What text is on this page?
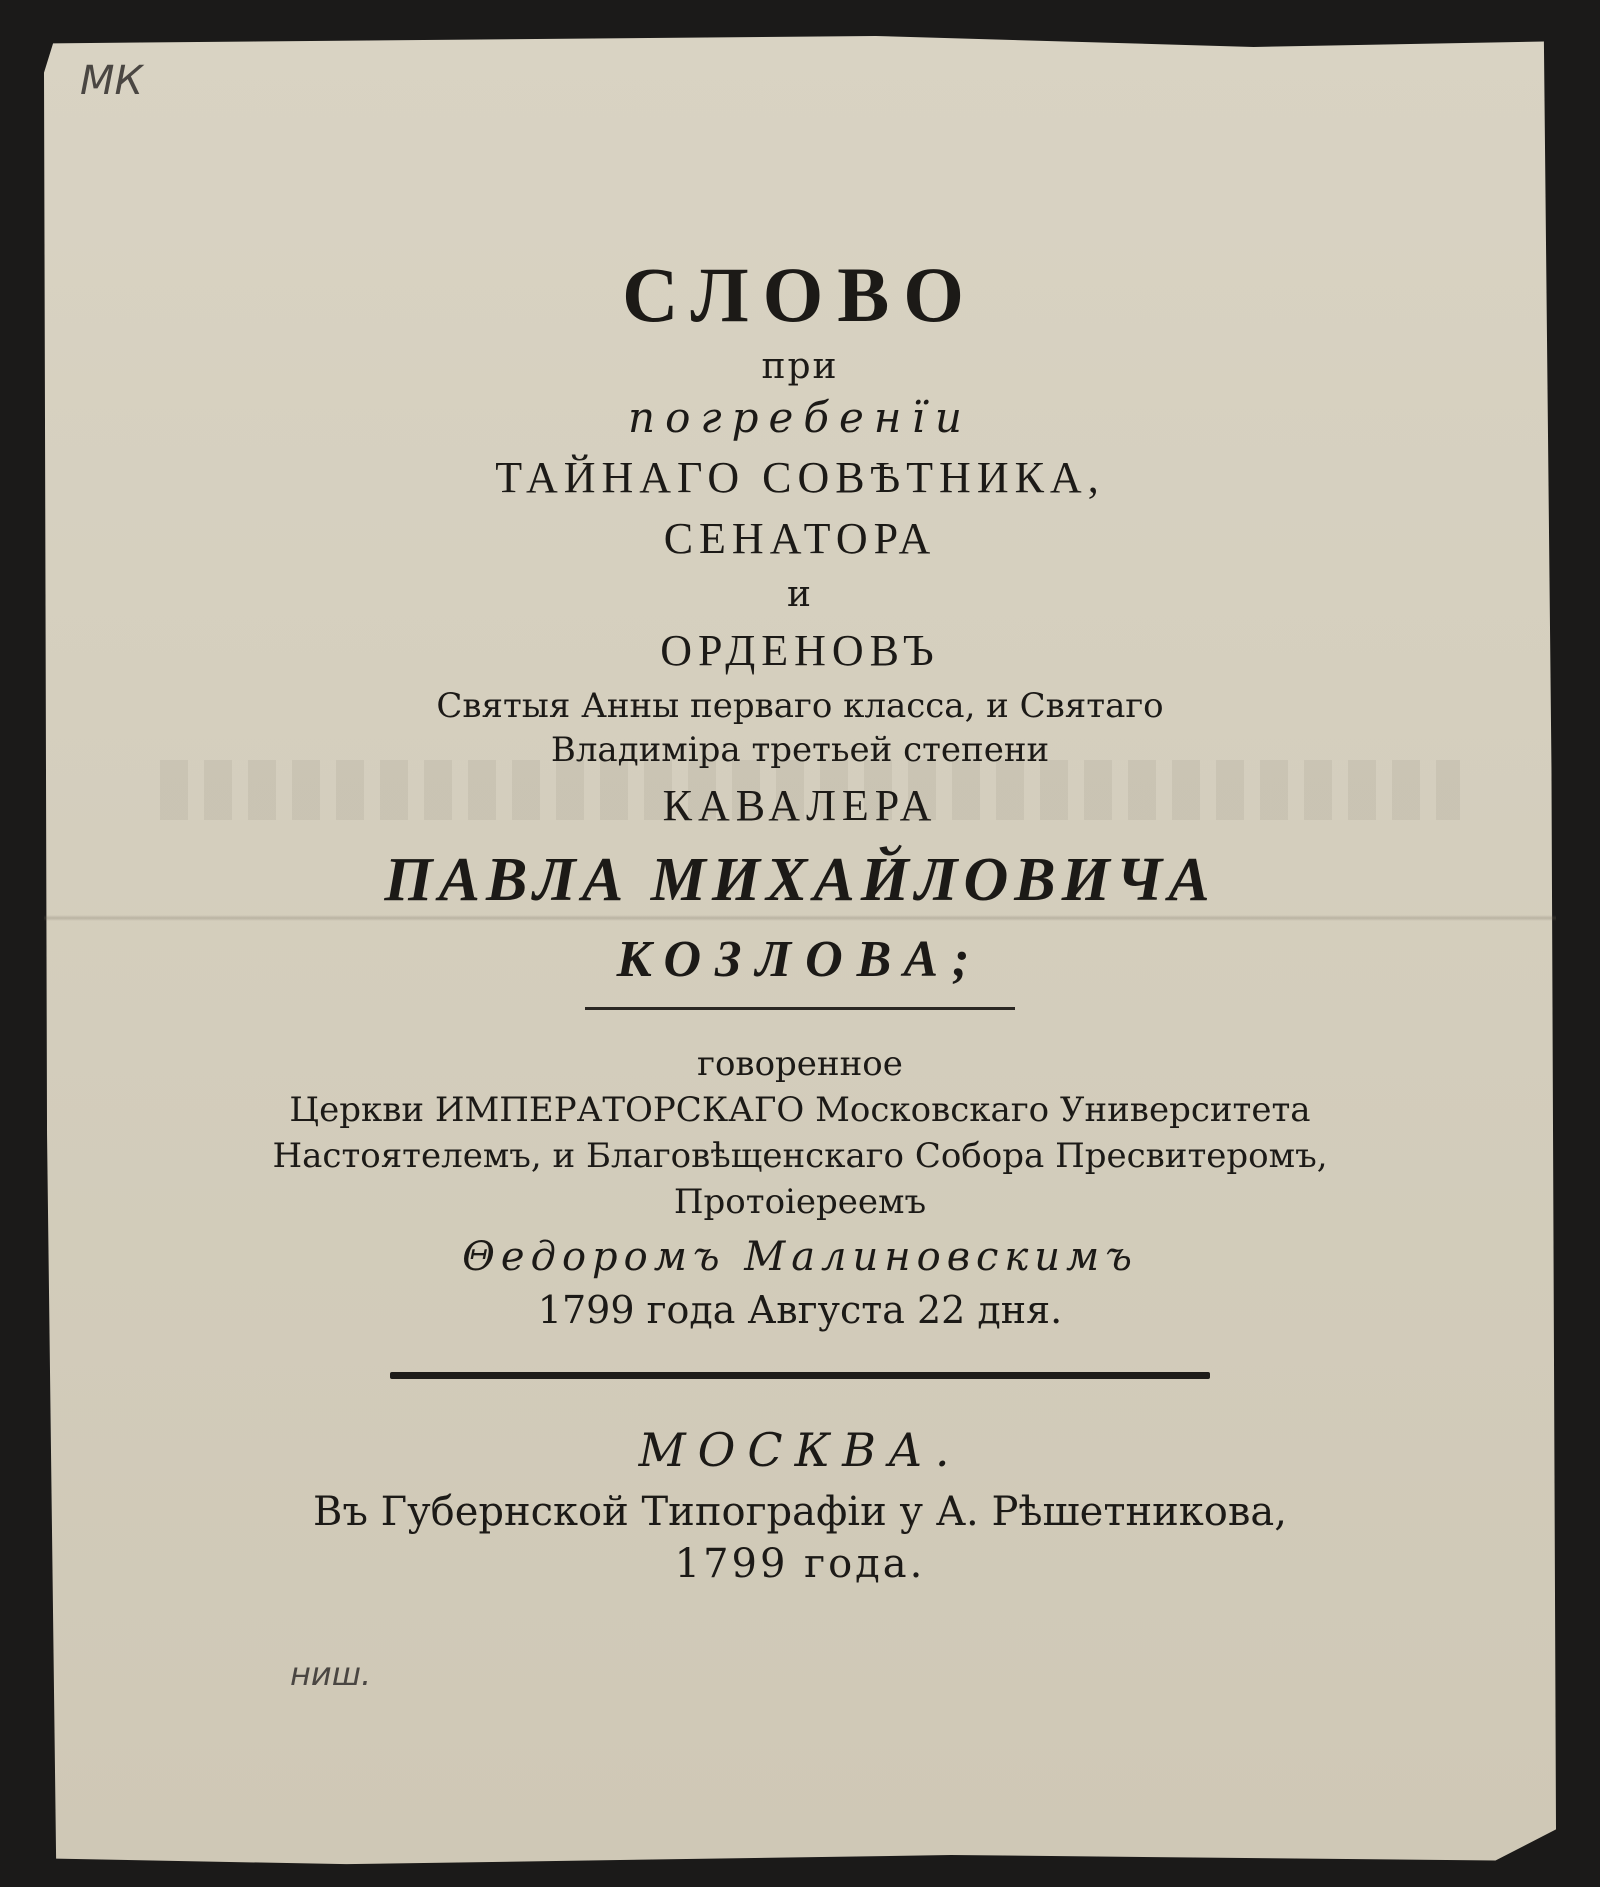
МК
ниш.
СЛОВО
при
погребенїи
ТАЙНАГО СОВѢТНИКА,
СЕНАТОРА
и
ОРДЕНОВЪ
Святыя Анны перваго класса, и Святаго
Владимiра третьей степени
КАВАЛЕРА
ПАВЛА МИХАЙЛОВИЧА
КОЗЛОВА;
говоренное
Церкви ИМПЕРАТОРСКАГО Московскаго Университета
Настоятелемъ, и Благовѣщенскаго Собора Пресвитеромъ,
Протоіереемъ
Θедоромъ Малиновскимъ
1799 года Августа 22 дня.
МОСКВА.
Въ Губернской Типографiи у А. Рѣшетникова,
1799 года.
